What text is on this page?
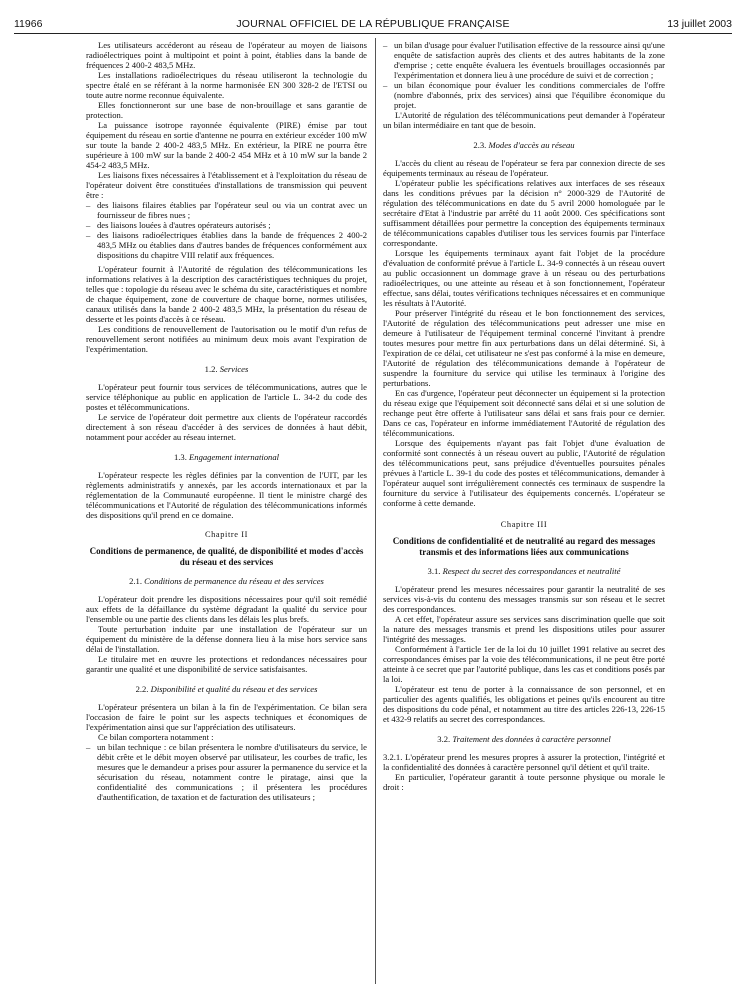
11966	JOURNAL OFFICIEL DE LA RÉPUBLIQUE FRANÇAISE	13 juillet 2003

Les utilisateurs accéderont au réseau de l'opérateur au moyen de liaisons radioélectriques point à multipoint et point à point, établies dans la bande de fréquences 2 400-2 483,5 MHz.

Les installations radioélectriques du réseau utiliseront la technologie du spectre étalé en se référant à la norme harmonisée EN 300 328-2 de l'ETSI ou toute autre norme reconnue équivalente.

Elles fonctionneront sur une base de non-brouillage et sans garantie de protection.

La puissance isotrope rayonnée équivalente (PIRE) émise par tout équipement du réseau en sortie d'antenne ne pourra en extérieur excéder 100 mW sur toute la bande 2 400-2 483,5 MHz. En extérieur, la PIRE ne pourra être supérieure à 100 mW sur la bande 2 400-2 454 MHz et à 10 mW sur la bande 2 454-2 483,5 MHz.

Les liaisons fixes nécessaires à l'établissement et à l'exploitation du réseau de l'opérateur doivent être constituées d'installations de transmission qui peuvent être :

– des liaisons filaires établies par l'opérateur seul ou via un contrat avec un fournisseur de fibres nues ;
– des liaisons louées à d'autres opérateurs autorisés ;
– des liaisons radioélectriques établies dans la bande de fréquences 2 400-2 483,5 MHz ou établies dans d'autres bandes de fréquences conformément aux dispositions du chapitre VIII relatif aux fréquences.

L'opérateur fournit à l'Autorité de régulation des télécommunications les informations relatives à la description des caractéristiques techniques du projet, telles que : topologie du réseau avec le schéma du site, caractéristiques et nombre de chaque équipement, zone de couverture de chaque borne, normes utilisées, canaux utilisés dans la bande 2 400-2 483,5 MHz, la présentation du réseau de desserte et les points d'accès à ce réseau.

Les conditions de renouvellement de l'autorisation ou le motif d'un refus de renouvellement seront notifiées au minimum deux mois avant l'expiration de l'expérimentation.

1.2. Services

L'opérateur peut fournir tous services de télécommunications, autres que le service téléphonique au public en application de l'article L. 34-2 du code des postes et télécommunications.

Le service de l'opérateur doit permettre aux clients de l'opérateur raccordés directement à son réseau d'accéder à des services de données à haut débit, notamment pour accéder au réseau internet.

1.3. Engagement international

L'opérateur respecte les règles définies par la convention de l'UIT, par les règlements administratifs y annexés, par les accords internationaux et par la réglementation de la Communauté européenne. Il tient le ministre chargé des télécommunications et l'Autorité de régulation des télécommunications informés des dispositions qu'il prend en ce domaine.

Chapitre II
Conditions de permanence, de qualité, de disponibilité et modes d'accès du réseau et des services
2.1. Conditions de permanence du réseau et des services

L'opérateur doit prendre les dispositions nécessaires pour qu'il soit remédié aux effets de la défaillance du système dégradant la qualité du service pour l'ensemble ou une partie des clients dans les délais les plus brefs.

Toute perturbation induite par une installation de l'opérateur sur un équipement du ministère de la défense donnera lieu à la mise hors service sans délai de l'installation.

Le titulaire met en œuvre les protections et redondances nécessaires pour garantir une qualité et une disponibilité de service satisfaisantes.

2.2. Disponibilité et qualité du réseau et des services

L'opérateur présentera un bilan à la fin de l'expérimentation. Ce bilan sera l'occasion de faire le point sur les aspects techniques et économiques de l'expérimentation ainsi que sur l'appréciation des utilisateurs.

Ce bilan comportera notamment :

– un bilan technique : ce bilan présentera le nombre d'utilisateurs du service, le débit crête et le débit moyen observé par utilisateur, les courbes de trafic, les mesures que le demandeur a prises pour assurer la permanence du service et la sécurisation du réseau, notamment contre le piratage, ainsi que la confidentialité des communications ; il présentera les procédures d'authentification, de taxation et de facturation des utilisateurs ;
– un bilan d'usage pour évaluer l'utilisation effective de la ressource ainsi qu'une enquête de satisfaction auprès des clients et des autres habitants de la zone d'emprise ; cette enquête évaluera les éventuels brouillages occasionnés par l'expérimentation et donnera lieu à une procédure de suivi et de correction ;
– un bilan économique pour évaluer les conditions commerciales de l'offre (nombre d'abonnés, prix des services) ainsi que l'équilibre économique du projet.

L'Autorité de régulation des télécommunications peut demander à l'opérateur un bilan intermédiaire en tant que de besoin.

2.3. Modes d'accès au réseau

L'accès du client au réseau de l'opérateur se fera par connexion directe de ses équipements terminaux au réseau de l'opérateur.

L'opérateur publie les spécifications relatives aux interfaces de ses réseaux dans les conditions prévues par la décision n° 2000-329 de l'Autorité de régulation des télécommunications en date du 5 avril 2000 homologuée par le secrétaire d'Etat à l'industrie par arrêté du 11 août 2000. Ces spécifications sont suffisamment détaillées pour permettre la conception des équipements terminaux de télécommunications capables d'utiliser tous les services fournis par l'interface correspondante.

Lorsque les équipements terminaux ayant fait l'objet de la procédure d'évaluation de conformité prévue à l'article L. 34-9 connectés à un réseau ouvert au public occasionnent un dommage grave à un réseau ou des perturbations radioélectriques, ou une atteinte au réseau et à son fonctionnement, l'opérateur effectue, sans délai, toutes vérifications techniques nécessaires et en communique les résultats à l'Autorité.

Pour préserver l'intégrité du réseau et le bon fonctionnement des services, l'Autorité de régulation des télécommunications peut adresser une mise en demeure à l'utilisateur de l'équipement terminal concerné l'invitant à prendre toutes mesures pour mettre fin aux perturbations dans un délai déterminé. Si, à l'expiration de ce délai, cet utilisateur ne s'est pas conformé à la mise en demeure, l'Autorité de régulation des télécommunications demande à l'opérateur de suspendre la fourniture du service qui utilise les terminaux à l'origine des perturbations.

En cas d'urgence, l'opérateur peut déconnecter un équipement si la protection du réseau exige que l'équipement soit déconnecté sans délai et si une solution de rechange peut être offerte à l'utilisateur sans délai et sans frais pour ce dernier. Dans ce cas, l'opérateur en informe immédiatement l'Autorité de régulation des télécommunications.

Lorsque des équipements n'ayant pas fait l'objet d'une évaluation de conformité sont connectés à un réseau ouvert au public, l'Autorité de régulation des télécommunications peut, sans préjudice d'éventuelles poursuites pénales prévues à l'article L. 39-1 du code des postes et télécommunications, demander à l'opérateur auquel sont irrégulièrement connectés ces terminaux de suspendre la fourniture du service à l'utilisateur des équipements concernés. L'opérateur se conforme à cette demande.

Chapitre III
Conditions de confidentialité et de neutralité au regard des messages transmis et des informations liées aux communications
3.1. Respect du secret des correspondances et neutralité

L'opérateur prend les mesures nécessaires pour garantir la neutralité de ses services vis-à-vis du contenu des messages transmis sur son réseau et le secret des correspondances.

A cet effet, l'opérateur assure ses services sans discrimination quelle que soit la nature des messages transmis et prend les dispositions utiles pour assurer l'intégrité des messages.

Conformément à l'article 1er de la loi du 10 juillet 1991 relative au secret des correspondances émises par la voie des télécommunications, il ne peut être porté atteinte à ce secret que par l'autorité publique, dans les cas et conditions posés par la loi.

L'opérateur est tenu de porter à la connaissance de son personnel, et en particulier des agents qualifiés, les obligations et peines qu'ils encourent au titre des dispositions du code pénal, et notamment au titre des articles 226-13, 226-15 et 432-9 relatifs au secret des correspondances.

3.2. Traitement des données à caractère personnel

3.2.1. L'opérateur prend les mesures propres à assurer la protection, l'intégrité et la confidentialité des données à caractère personnel qu'il détient et qu'il traite.

En particulier, l'opérateur garantit à toute personne physique ou morale le droit :
